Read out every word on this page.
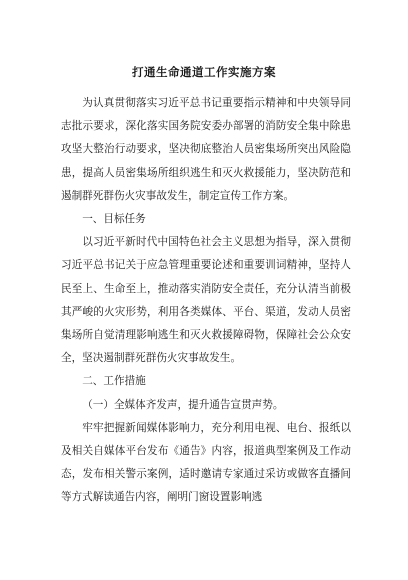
打通生命通道工作实施方案

为认真贯彻落实习近平总书记重要指示精神和中央领导同志批示要求，深化落实国务院安委办部署的消防安全集中除患攻坚大整治行动要求，坚决彻底整治人员密集场所突出风险隐患，提高人员密集场所组织逃生和灭火救援能力，坚决防范和遏制群死群伤火灾事故发生，制定宣传工作方案。

一、目标任务

以习近平新时代中国特色社会主义思想为指导，深入贯彻习近平总书记关于应急管理重要论述和重要训词精神，坚持人民至上、生命至上，推动落实消防安全责任，充分认清当前极其严峻的火灾形势，利用各类媒体、平台、渠道，发动人员密集场所自觉清理影响逃生和灭火救援障碍物，保障社会公众安全，坚决遏制群死群伤火灾事故发生。

二、工作措施

（一）全媒体齐发声，提升通告宣贯声势。

牢牢把握新闻媒体影响力，充分利用电视、电台、报纸以及相关自媒体平台发布《通告》内容，报道典型案例及工作动态，发布相关警示案例，适时邀请专家通过采访或做客直播间等方式解读通告内容，阐明门窗设置影响逃
